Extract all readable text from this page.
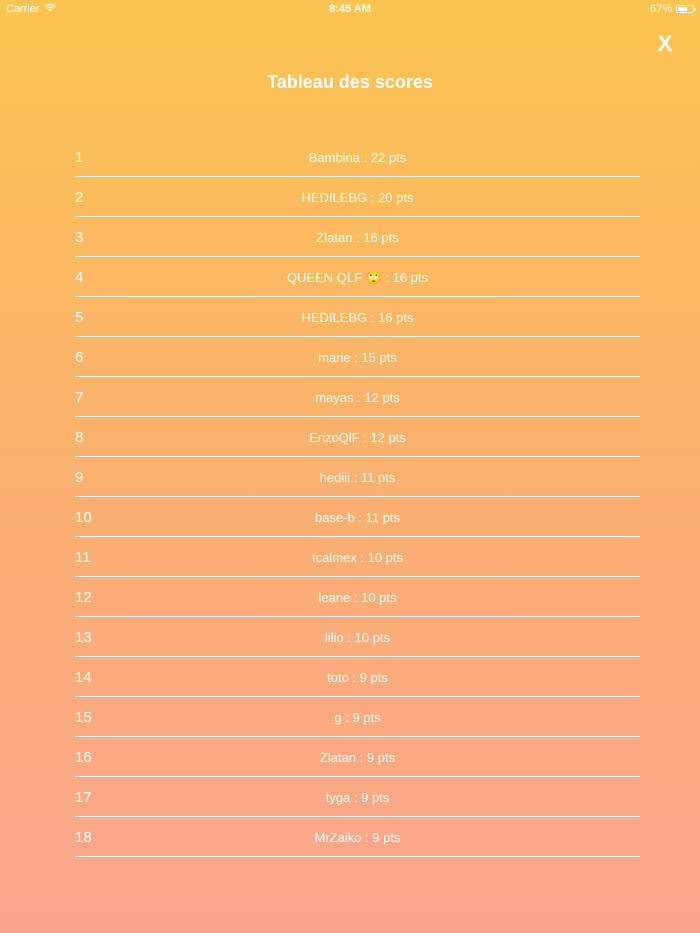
Carrier	8:45 AM	67%
X
Tableau des scores
1	Bambina : 22 pts
2	HEDILEBG : 20 pts
3	Zlatan : 16 pts
4	QUEEN QLF 🙄 : 16 pts
5	HEDILEBG : 16 pts
6	marie : 15 pts
7	mayas : 12 pts
8	EnzoQlF : 12 pts
9	hediii : 11 pts
10	base-b : 11 pts
11	tcalmex : 10 pts
12	leane : 10 pts
13	lilio : 10 pts
14	toto : 9 pts
15	g : 9 pts
16	Zlatan : 9 pts
17	tyga : 9 pts
18	MrZaiko : 9 pts
